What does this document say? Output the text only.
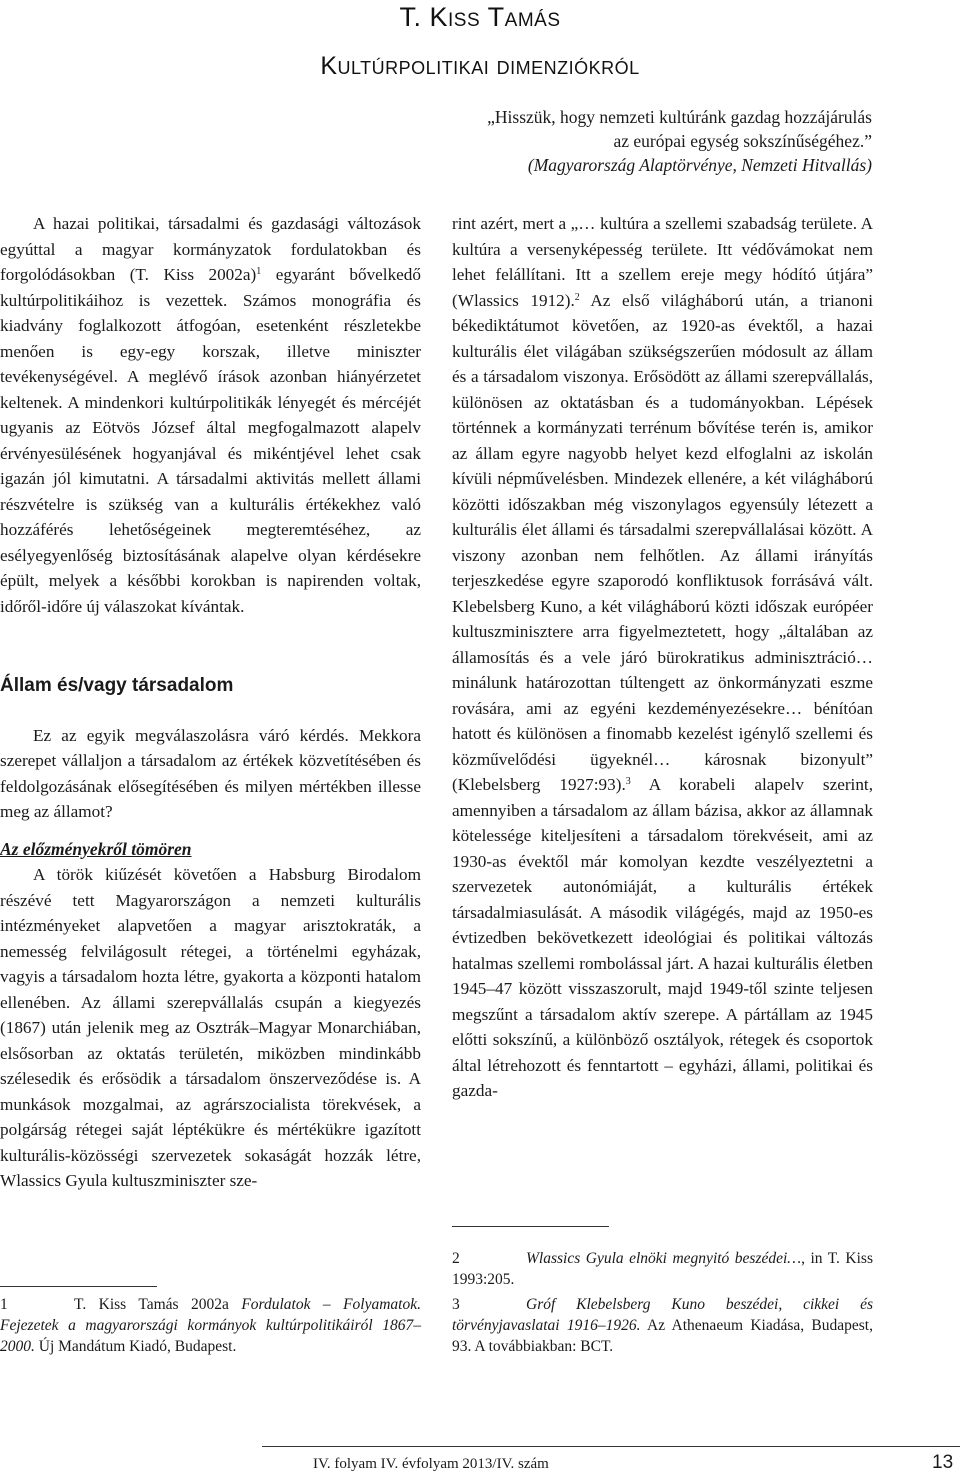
T. Kiss Tamás
Kultúrpolitikai dimenziókról
„Hisszük, hogy nemzeti kultúránk gazdag hozzájárulás
az európai egység sokszínűségéhez.”
(Magyarország Alaptörvénye, Nemzeti Hitvallás)

A hazai politikai, társadalmi és gazdasági változások egyúttal a magyar kormányzatok fordulatokban és forgolódásokban (T. Kiss 2002a)$^1$ egyaránt bővelkedő kultúrpolitikáihoz is vezettek. Számos monográfia és kiadvány foglalkozott átfogóan, esetenként részletekbe menően is egy-egy korszak, illetve miniszter tevékenységével. A meglévő írások azonban hiányérzetet keltenek. A mindenkori kultúrpolitikák lényegét és mércéjét ugyanis az Eötvös József által megfogalmazott alapelv érvényesülésének hogyanjával és mikéntjével lehet csak igazán jól kimutatni. A társadalmi aktivitás mellett állami részvételre is szükség van a kulturális értékekhez való hozzáférés lehetőségeinek megteremtéséhez, az esélyegyenlőség biztosításának alapelve olyan kérdésekre épült, melyek a későbbi korokban is napirenden voltak, időről-időre új válaszokat kívántak.

Állam és/vagy társadalom

Ez az egyik megválaszolásra váró kérdés. Mekkora szerepet vállaljon a társadalom az értékek közvetítésében és feldolgozásának elősegítésében és milyen mértékben illesse meg az államot?

Az előzményekről tömören

A török kiűzését követően a Habsburg Birodalom részévé tett Magyarországon a nemzeti kulturális intézményeket alapvetően a magyar arisztokraták, a nemesség felvilágosult rétegei, a történelmi egyházak, vagyis a társadalom hozta létre, gyakorta a központi hatalom ellenében. Az állami szerepvállalás csupán a kiegyezés (1867) után jelenik meg az Osztrák–Magyar Monarchiában, elsősorban az oktatás területén, miközben mindinkább szélesedik és erősödik a társadalom önszerveződése is. A munkások mozgalmai, az agrárszocialista törekvések, a polgárság rétegei saját léptékükre és mértékükre igazított kulturális-közösségi szervezetek sokaságát hozzák létre, Wlassics Gyula kultuszminiszter sze-

rint azért, mert a „… kultúra a szellemi szabadság területe. A kultúra a versenyképesség területe. Itt védővámokat nem lehet felállítani. Itt a szellem ereje megy hódító útjára” (Wlassics 1912).$^2$ Az első világháború után, a trianoni békediktátumot követően, az 1920-as évektől, a hazai kulturális élet világában szükségszerűen módosult az állam és a társadalom viszonya. Erősödött az állami szerepvállalás, különösen az oktatásban és a tudományokban. Lépések történnek a kormányzati terrénum bővítése terén is, amikor az állam egyre nagyobb helyet kezd elfoglalni az iskolán kívüli népművelésben. Mindezek ellenére, a két világháború közötti időszakban még viszonylagos egyensúly létezett a kulturális élet állami és társadalmi szerepvállalásai között. A viszony azonban nem felhőtlen. Az állami irányítás terjeszkedése egyre szaporodó konfliktusok forrásává vált. Klebelsberg Kuno, a két világháború közti időszak európéer kultuszminisztere arra figyelmeztetett, hogy „általában az államosítás és a vele járó bürokratikus adminisztráció… minálunk határozottan túltengett az önkormányzati eszme rovására, ami az egyéni kezdeményezésekre… bénítóan hatott és különösen a finomabb kezelést igénylő szellemi és közművelődési ügyeknél… károsnak bizonyult” (Klebelsberg 1927:93).$^3$ A korabeli alapelv szerint, amennyiben a társadalom az állam bázisa, akkor az államnak kötelessége kiteljesíteni a társadalom törekvéseit, ami az 1930-as évektől már komolyan kezdte veszélyeztetni a szervezetek autonómiáját, a kulturális értékek társadalmiasulását. A második világégés, majd az 1950-es évtizedben bekövetkezett ideológiai és politikai változás hatalmas szellemi rombolással járt. A hazai kulturális életben 1945–47 között visszaszorult, majd 1949-től szinte teljesen megszűnt a társadalom aktív szerepe. A pártállam az 1945 előtti sokszínű, a különböző osztályok, rétegek és csoportok által létrehozott és fenntartott – egyházi, állami, politikai és gazda-

1	T. Kiss Tamás 2002a Fordulatok – Folyamatok. Fejezetek a magyarországi kormányok kultúrpolitikáiról 1867–2000. Új Mandátum Kiadó, Budapest.
2	Wlassics Gyula elnöki megnyitó beszédei…, in T. Kiss 1993:205.
3	Gróf Klebelsberg Kuno beszédei, cikkei és törvényjavaslatai 1916–1926. Az Athenaeum Kiadása, Budapest, 93. A továbbiakban: BCT.
IV. folyam IV. évfolyam 2013/IV. szám	13
